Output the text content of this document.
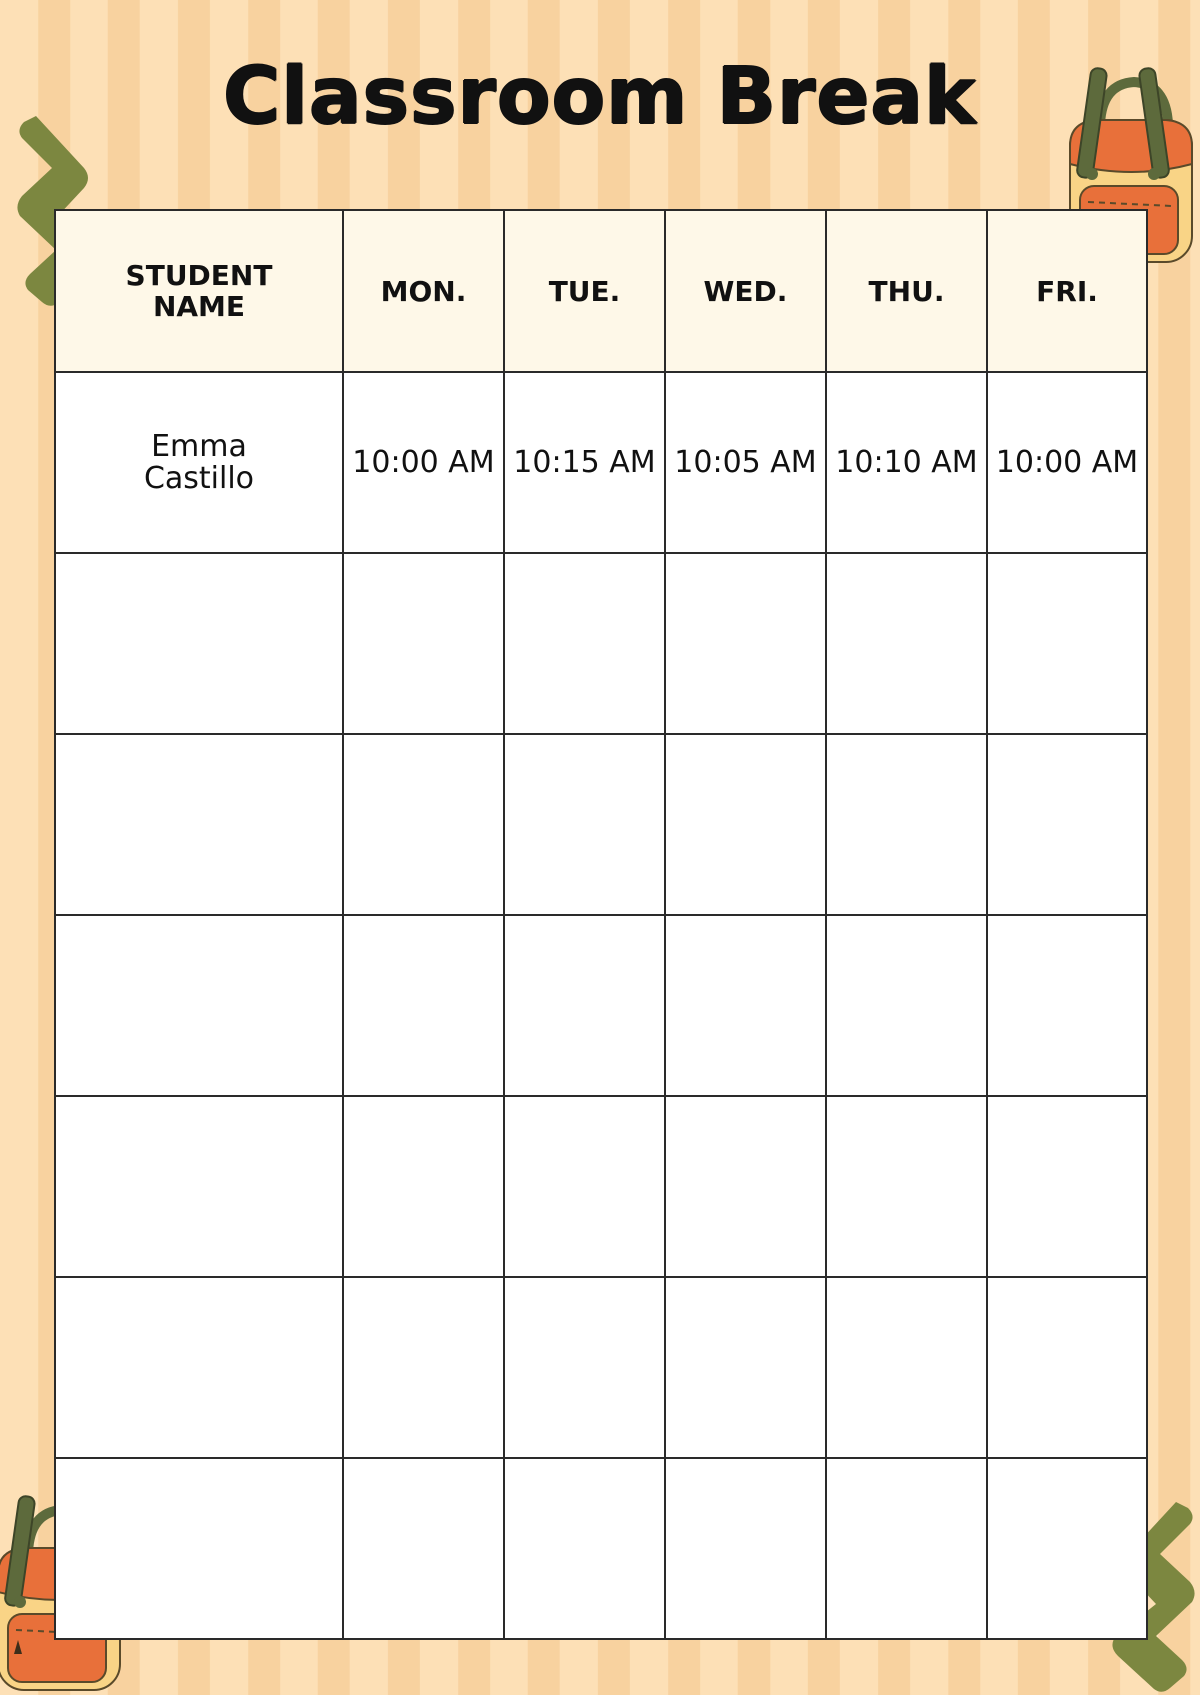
Classroom Break
STUDENT
NAME	MON.	TUE.	WED.	THU.	FRI.

Emma
Castillo	10:00 AM	10:15 AM	10:05 AM	10:10 AM	10:00 AM
